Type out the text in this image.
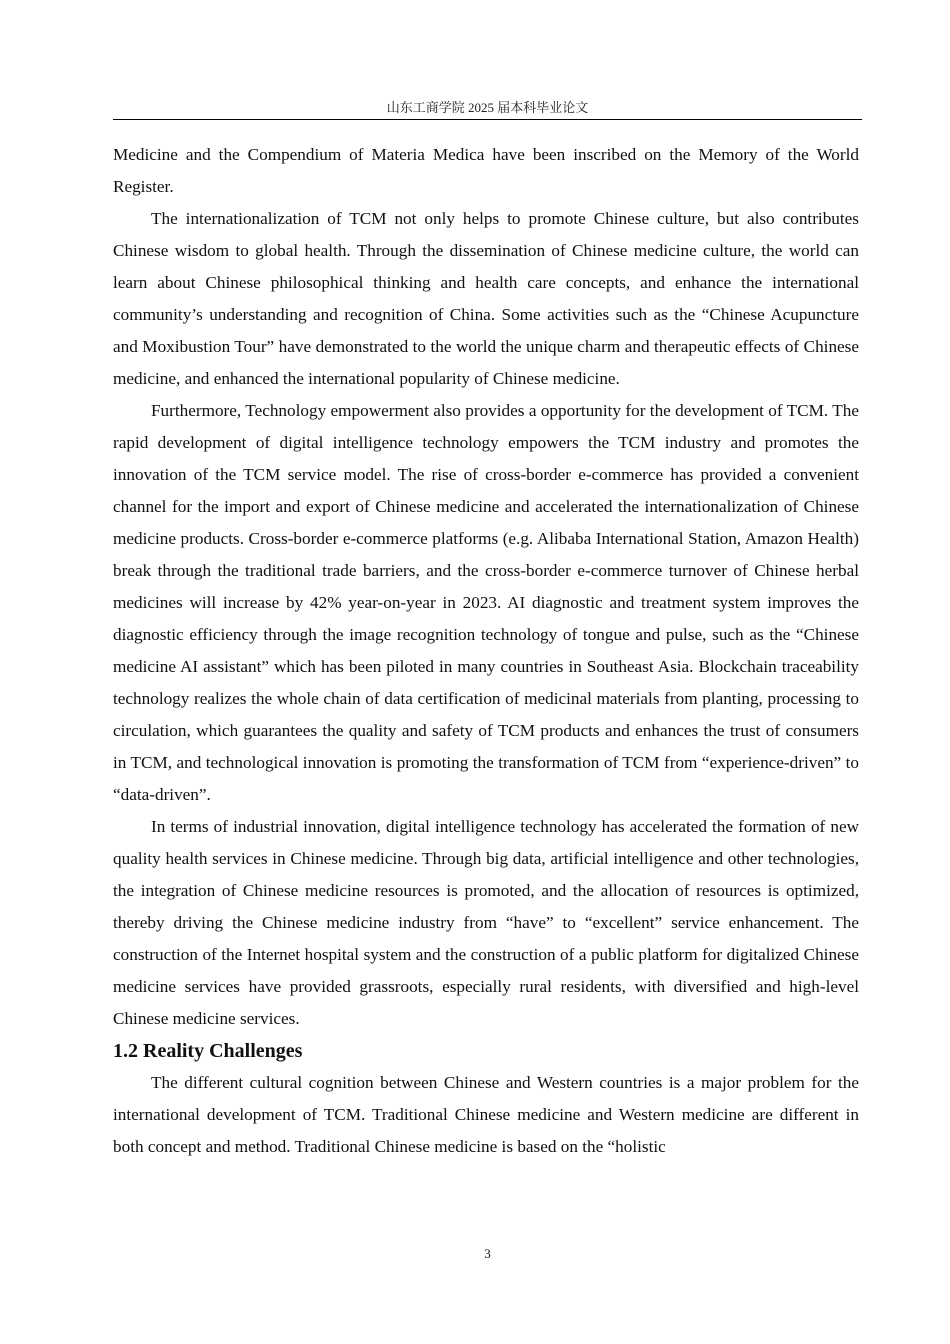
山东工商学院 2025 届本科毕业论文

Medicine and the Compendium of Materia Medica have been inscribed on the Memory of the World Register.

The internationalization of TCM not only helps to promote Chinese culture, but also contributes Chinese wisdom to global health. Through the dissemination of Chinese medicine culture, the world can learn about Chinese philosophical thinking and health care concepts, and enhance the international community’s understanding and recognition of China. Some activities such as the “Chinese Acupuncture and Moxibustion Tour” have demonstrated to the world the unique charm and therapeutic effects of Chinese medicine, and enhanced the international popularity of Chinese medicine.

Furthermore, Technology empowerment also provides a opportunity for the development of TCM. The rapid development of digital intelligence technology empowers the TCM industry and promotes the innovation of the TCM service model. The rise of cross-border e-commerce has provided a convenient channel for the import and export of Chinese medicine and accelerated the internationalization of Chinese medicine products. Cross-border e-commerce platforms (e.g. Alibaba International Station, Amazon Health) break through the traditional trade barriers, and the cross-border e-commerce turnover of Chinese herbal medicines will increase by 42% year-on-year in 2023. AI diagnostic and treatment system improves the diagnostic efficiency through the image recognition technology of tongue and pulse, such as the “Chinese medicine AI assistant” which has been piloted in many countries in Southeast Asia. Blockchain traceability technology realizes the whole chain of data certification of medicinal materials from planting, processing to circulation, which guarantees the quality and safety of TCM products and enhances the trust of consumers in TCM, and technological innovation is promoting the transformation of TCM from “experience-driven” to “data-driven”.

In terms of industrial innovation, digital intelligence technology has accelerated the formation of new quality health services in Chinese medicine. Through big data, artificial intelligence and other technologies, the integration of Chinese medicine resources is promoted, and the allocation of resources is optimized, thereby driving the Chinese medicine industry from “have” to “excellent” service enhancement. The construction of the Internet hospital system and the construction of a public platform for digitalized Chinese medicine services have provided grassroots, especially rural residents, with diversified and high-level Chinese medicine services.

1.2 Reality Challenges

The different cultural cognition between Chinese and Western countries is a major problem for the international development of TCM. Traditional Chinese medicine and Western medicine are different in both concept and method. Traditional Chinese medicine is based on the “holistic

3
